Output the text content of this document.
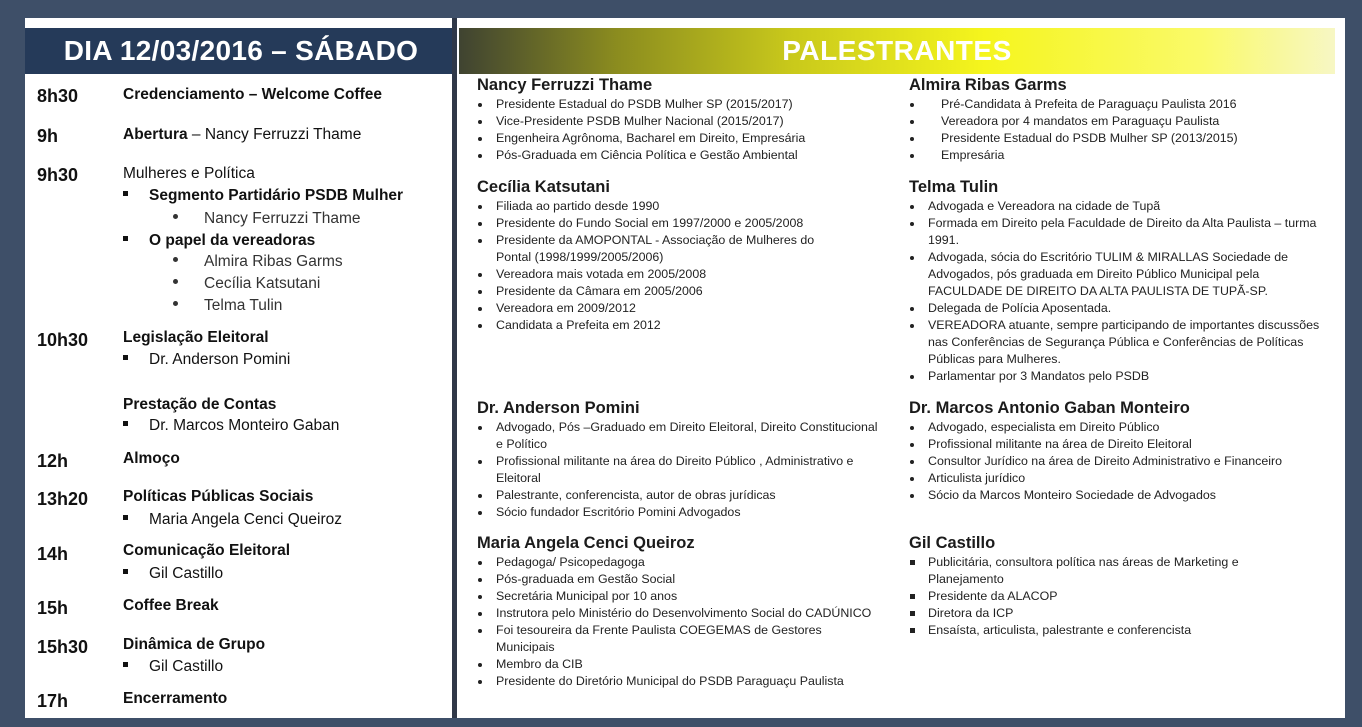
DIA 12/03/2016 – SÁBADO	PALESTRANTES
8h30	Credenciamento – Welcome Coffee
9h	Abertura – Nancy Ferruzzi Thame
9h30	Mulheres e Política
Segmento Partidário PSDB Mulher
Nancy Ferruzzi Thame
O papel da vereadoras
Almira Ribas Garms
Cecília Katsutani
Telma Tulin
10h30 Legislação Eleitoral
Dr. Anderson Pomini
Prestação de Contas
Dr. Marcos Monteiro Gaban
12h	Almoço
13h20 Políticas Públicas Sociais
Maria Angela Cenci Queiroz
14h	Comunicação Eleitoral
Gil Castillo
15h	Coffee Break
15h30 Dinâmica de Grupo
Gil Castillo
17h	Encerramento
Nancy Ferruzzi Thame
Presidente Estadual do PSDB Mulher SP (2015/2017)
Vice-Presidente PSDB Mulher Nacional (2015/2017)
Engenheira Agrônoma, Bacharel em Direito, Empresária
Pós-Graduada em Ciência Política e Gestão Ambiental
Cecília Katsutani
Filiada ao partido desde 1990
Presidente do Fundo Social em 1997/2000 e 2005/2008
Presidente da AMOPONTAL - Associação de Mulheres do Pontal (1998/1999/2005/2006)
Vereadora mais votada em 2005/2008
Presidente da Câmara em 2005/2006
Vereadora em 2009/2012
Candidata a Prefeita em 2012
Dr. Anderson Pomini
Advogado, Pós –Graduado em Direito Eleitoral, Direito Constitucional e Político
Profissional militante na área do Direito Público , Administrativo e Eleitoral
Palestrante, conferencista, autor de obras jurídicas
Sócio fundador Escritório Pomini Advogados
Maria Angela Cenci Queiroz
Pedagoga/ Psicopedagoga
Pós-graduada em Gestão Social
Secretária Municipal por 10 anos
Instrutora pelo Ministério do Desenvolvimento Social do CADÚNICO
Foi tesoureira da Frente Paulista COEGEMAS de Gestores Municipais
Membro da CIB
Presidente do Diretório Municipal do PSDB Paraguaçu Paulista
Almira Ribas Garms
Pré-Candidata à Prefeita de Paraguaçu Paulista 2016
Vereadora por 4 mandatos em Paraguaçu Paulista
Presidente Estadual do PSDB Mulher SP (2013/2015)
Empresária
Telma Tulin
Advogada e Vereadora na cidade de Tupã
Formada em Direito pela Faculdade de Direito da Alta Paulista – turma 1991.
Advogada, sócia do Escritório TULIM & MIRALLAS Sociedade de Advogados, pós graduada em Direito Público Municipal pela FACULDADE DE DIREITO DA ALTA PAULISTA DE TUPÃ-SP.
Delegada de Polícia Aposentada.
VEREADORA atuante, sempre participando de importantes discussões nas Conferências de Segurança Pública e Conferências de Políticas Públicas para Mulheres.
Parlamentar por 3 Mandatos pelo PSDB
Dr. Marcos Antonio Gaban Monteiro
Advogado, especialista em Direito Público
Profissional militante na área de Direito Eleitoral
Consultor Jurídico na área de Direito Administrativo e Financeiro
Articulista jurídico
Sócio da Marcos Monteiro Sociedade de Advogados
Gil Castillo
Publicitária, consultora política nas áreas de Marketing e Planejamento
Presidente da ALACOP
Diretora da ICP
Ensaísta, articulista, palestrante e conferencista
